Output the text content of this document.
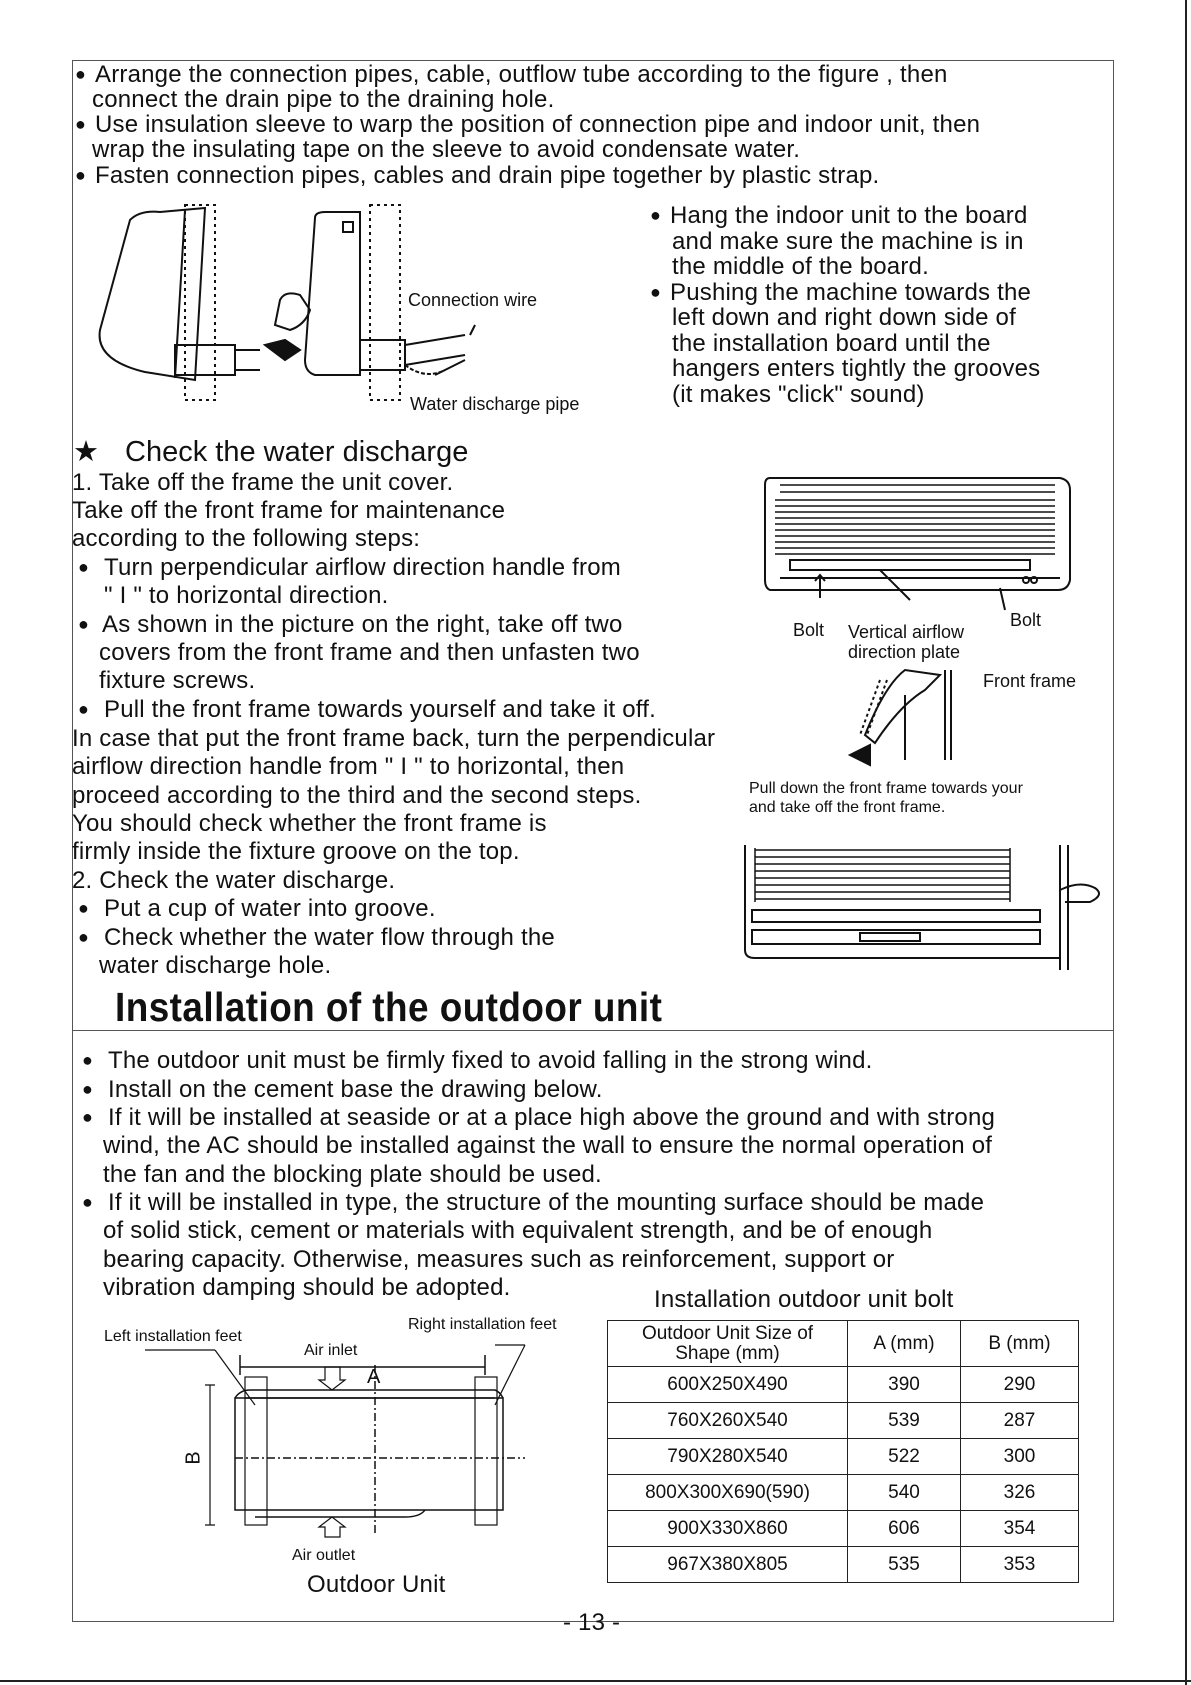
● Arrange the connection pipes, cable, outflow tube according to the figure , then
connect the drain pipe to the draining hole.
● Use insulation sleeve to warp the position of connection pipe and indoor unit, then
wrap the insulating tape on the sleeve to avoid condensate water.
● Fasten connection pipes, cables and drain pipe together by plastic strap.
Connection wire
Water discharge pipe
● Hang the indoor unit to the board
and make sure the machine is in
the middle of the board.
● Pushing the machine towards the
left down and right down side of
the installation board until the
hangers enters tightly the grooves
(it makes "click" sound)
★ Check the water discharge
1. Take off the frame the unit cover.
Take off the front frame for maintenance
according to the following steps:
● Turn perpendicular airflow direction handle from
" I " to horizontal direction.
● As shown in the picture on the right, take off two
covers from the front frame and then unfasten two
fixture screws.
● Pull the front frame towards yourself and take it off.
In case that put the front frame back, turn the perpendicular
airflow direction handle from " I " to horizontal, then
proceed according to the third and the second steps.
You should check whether the front frame is
firmly inside the fixture groove on the top.
2. Check the water discharge.
● Put a cup of water into groove.
● Check whether the water flow through the
water discharge hole.
Bolt Vertical airflow
direction plate
Bolt
Front frame
Pull down the front frame towards your
and take off the front frame.
Installation of the outdoor unit
● The outdoor unit must be firmly fixed to avoid falling in the strong wind.
● Install on the cement base the drawing below.
● If it will be installed at seaside or at a place high above the ground and with strong
wind, the AC should be installed against the wall to ensure the normal operation of
the fan and the blocking plate should be used.
● If it will be installed in type, the structure of the mounting surface should be made
of solid stick, cement or materials with equivalent strength, and be of enough
bearing capacity. Otherwise, measures such as reinforcement, support or
vibration damping should be adopted.
Left installation feet
Right installation feet
Air inlet
A
B
Air outlet
Outdoor Unit
Installation outdoor unit bolt
Outdoor Unit Size of Shape (mm)	A (mm)	B (mm)
600X250X490	390	290
760X260X540	539	287
790X280X540	522	300
800X300X690(590)	540	326
900X330X860	606	354
967X380X805	535	353
- 13 -
